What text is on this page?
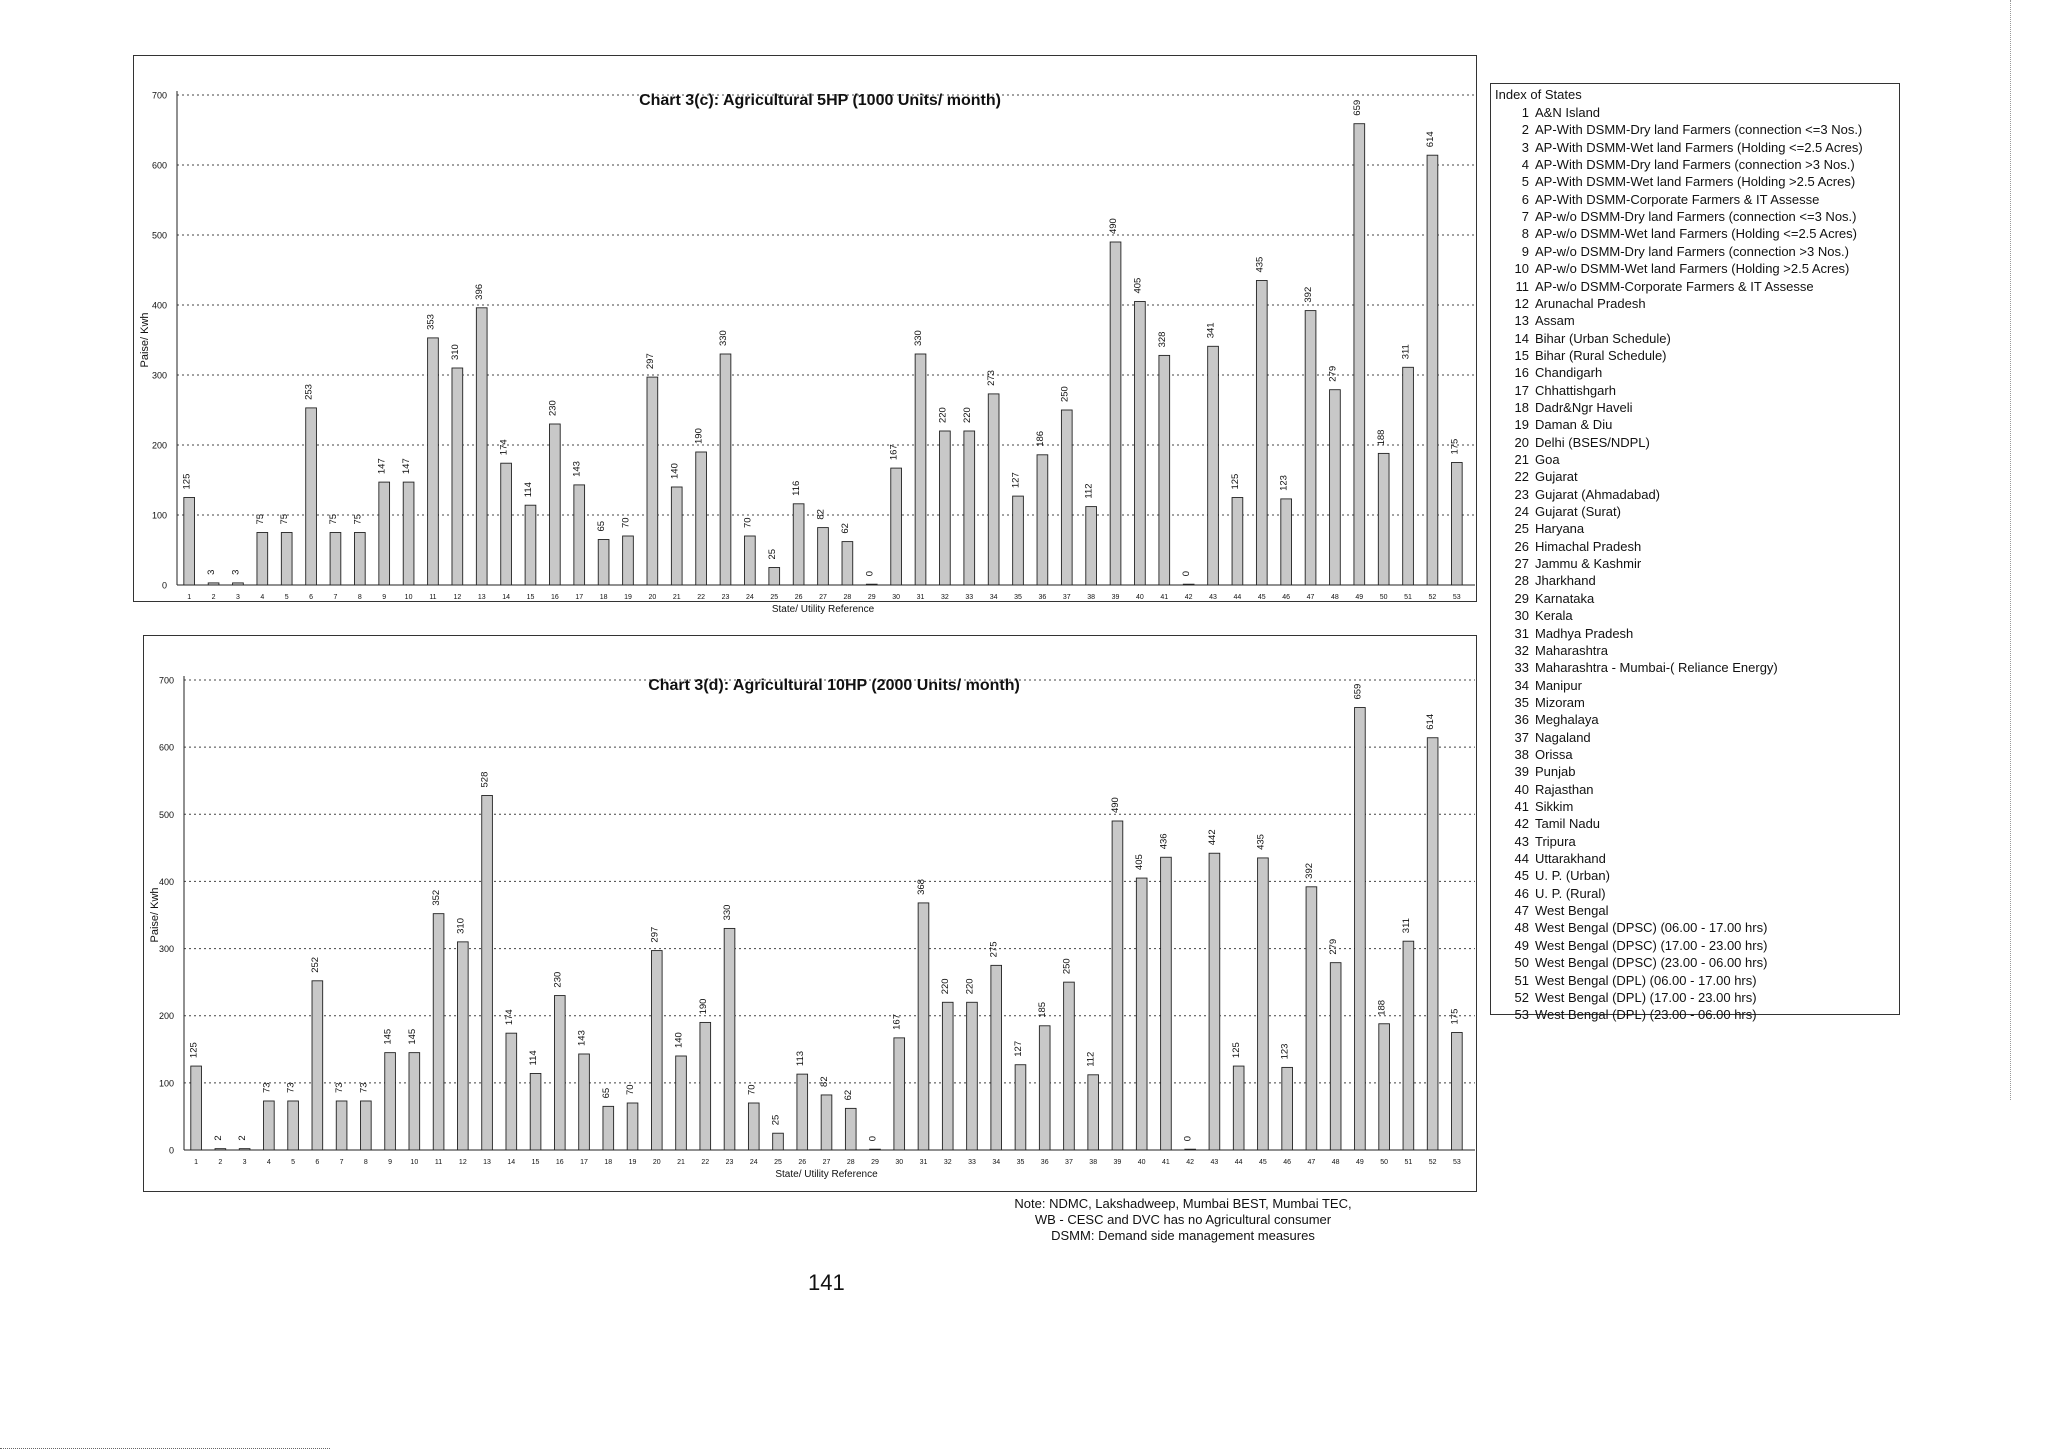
0
100
200
300
400
500
600
700
125
1
3
2
3
3
75
4
75
5
253
6
75
7
75
8
147
9
147
10
353
11
310
12
396
13
174
14
114
15
230
16
143
17
65
18
70
19
297
20
140
21
190
22
330
23
70
24
25
25
116
26
82
27
62
28
0
29
167
30
330
31
220
32
220
33
273
34
127
35
186
36
250
37
112
38
490
39
405
40
328
41
0
42
341
43
125
44
435
45
123
46
392
47
279
48
659
49
188
50
311
51
614
52
175
53
Chart 3(c): Agricultural 5HP (1000 Units/ month)
State/ Utility Reference
Paise/ Kwh
0
100
200
300
400
500
600
700
125
1
2
2
2
3
73
4
73
5
252
6
73
7
73
8
145
9
145
10
352
11
310
12
528
13
174
14
114
15
230
16
143
17
65
18
70
19
297
20
140
21
190
22
330
23
70
24
25
25
113
26
82
27
62
28
0
29
167
30
368
31
220
32
220
33
275
34
127
35
185
36
250
37
112
38
490
39
405
40
436
41
0
42
442
43
125
44
435
45
123
46
392
47
279
48
659
49
188
50
311
51
614
52
175
53
Chart 3(d): Agricultural 10HP (2000 Units/ month)
State/ Utility Reference
Paise/ Kwh
Index of States
1 A&N Island
2 AP-With DSMM-Dry land Farmers (connection <=3 Nos.)
3 AP-With DSMM-Wet land Farmers (Holding <=2.5 Acres)
4 AP-With DSMM-Dry land Farmers (connection >3 Nos.)
5 AP-With DSMM-Wet land Farmers (Holding >2.5 Acres)
6 AP-With DSMM-Corporate Farmers & IT Assesse
7 AP-w/o DSMM-Dry land Farmers (connection <=3 Nos.)
8 AP-w/o DSMM-Wet land Farmers (Holding <=2.5 Acres)
9 AP-w/o DSMM-Dry land Farmers (connection >3 Nos.)
10 AP-w/o DSMM-Wet land Farmers (Holding >2.5 Acres)
11 AP-w/o DSMM-Corporate Farmers & IT Assesse
12 Arunachal Pradesh
13 Assam
14 Bihar (Urban Schedule)
15 Bihar (Rural Schedule)
16 Chandigarh
17 Chhattishgarh
18 Dadr&Ngr Haveli
19 Daman & Diu
20 Delhi (BSES/NDPL)
21 Goa
22 Gujarat
23 Gujarat (Ahmadabad)
24 Gujarat (Surat)
25 Haryana
26 Himachal Pradesh
27 Jammu & Kashmir
28 Jharkhand
29 Karnataka
30 Kerala
31 Madhya Pradesh
32 Maharashtra
33 Maharashtra - Mumbai-( Reliance Energy)
34 Manipur
35 Mizoram
36 Meghalaya
37 Nagaland
38 Orissa
39 Punjab
40 Rajasthan
41 Sikkim
42 Tamil Nadu
43 Tripura
44 Uttarakhand
45 U. P. (Urban)
46 U. P. (Rural)
47 West Bengal
48 West Bengal (DPSC) (06.00 - 17.00 hrs)
49 West Bengal (DPSC) (17.00 - 23.00 hrs)
50 West Bengal (DPSC) (23.00 - 06.00 hrs)
51 West Bengal (DPL) (06.00 - 17.00 hrs)
52 West Bengal (DPL) (17.00 - 23.00 hrs)
53 West Bengal (DPL) (23.00 - 06.00 hrs)
Note: NDMC, Lakshadweep, Mumbai BEST, Mumbai TEC,
WB - CESC and DVC has no Agricultural consumer
DSMM: Demand side management measures
141
